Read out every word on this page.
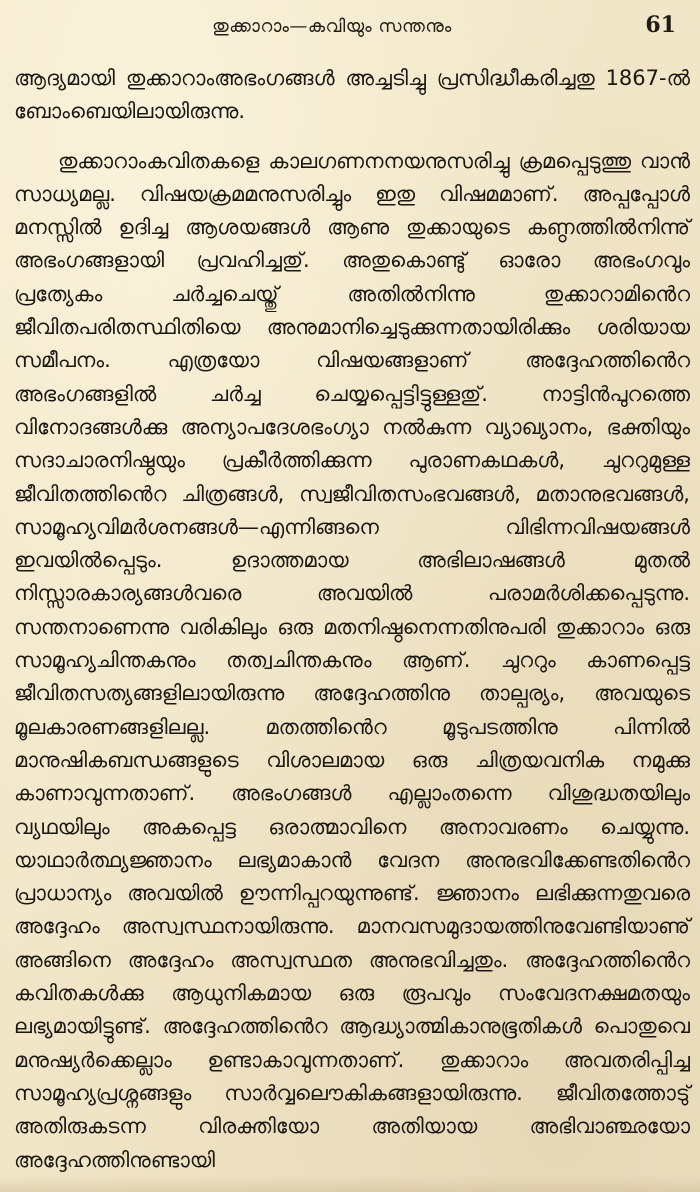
തുക്കാറാം—കവിയും സന്തനും	61

ആദ്യമായി തുക്കാറാംഅഭംഗങ്ങൾ അച്ചടിച്ചു പ്രസിദ്ധീകരിച്ചതു 1867-ൽ ബോംബെയിലായിരുന്നു.

തുക്കാറാംകവിതകളെ കാലഗണനനയനുസരിച്ചു ക്രമപ്പെടുത്തു വാൻ സാധ്യമല്ല. വിഷയക്രമമനുസരിച്ചും ഇതു വിഷമമാണ്. അപ്പപ്പോൾ മനസ്സിൽ ഉദിച്ച ആശയങ്ങൾ ആണു തുക്കായുടെ കണ്ഠത്തിൽനിന്നു് അഭംഗങ്ങളായി പ്രവഹിച്ചതു്. അതുകൊണ്ടു് ഓരോ അഭംഗവും പ്രത്യേകം ചർച്ചചെയ്തു് അതിൽനിന്നു തുക്കാറാമിൻെറ ജീവിതപരിതസ്ഥിതിയെ അനുമാനിച്ചെടുക്കുന്നതായിരിക്കും ശരിയായ സമീപനം. എത്രയോ വിഷയങ്ങളാണ് അദ്ദേഹത്തിൻെറ അഭംഗങ്ങളിൽ ചർച്ച ചെയ്യപ്പെട്ടിട്ടുള്ളതു്. നാട്ടിൻപുറത്തെ വിനോദങ്ങൾക്കു അന്യാപദേശഭംഗ്യാ നൽകുന്ന വ്യാഖ്യാനം, ഭക്തിയും സദാചാരനിഷ്ഠയും പ്രകീർത്തിക്കുന്ന പുരാണകഥകൾ, ചുററുമുള്ള ജീവിതത്തിൻെറ ചിത്രങ്ങൾ, സ്വജീവിതസംഭവങ്ങൾ, മതാനുഭവങ്ങൾ, സാമൂഹ്യവിമർശനങ്ങൾ—എന്നിങ്ങനെ വിഭിന്നവിഷയങ്ങൾ ഇവയിൽപ്പെടും. ഉദാത്തമായ അഭിലാഷങ്ങൾ മുതൽ നിസ്സാരകാര്യങ്ങൾവരെ അവയിൽ പരാമർശിക്കപ്പെടുന്നു. സന്തനാണെന്നു വരികിലും ഒരു മതനിഷ്ഠനെന്നതിനുപരി തുക്കാറാം ഒരു സാമൂഹ്യചിന്തകനും തത്വചിന്തകനും ആണ്. ചുററും കാണപ്പെട്ട ജീവിതസത്യങ്ങളിലായിരുന്നു അദ്ദേഹത്തിനു താല്പര്യം, അവയുടെ മൂലകാരണങ്ങളിലല്ല. മതത്തിൻെറ മൂടുപടത്തിനു പിന്നിൽ മാനുഷികബന്ധങ്ങളുടെ വിശാലമായ ഒരു ചിത്രയവനിക നമുക്കു കാണാവുന്നതാണ്. അഭംഗങ്ങൾ എല്ലാംതന്നെ വിശുദ്ധതയിലും വ്യഥയിലും അകപ്പെട്ട ഒരാത്മാവിനെ അനാവരണം ചെയ്യുന്നു. യാഥാർത്ഥ്യജ്ഞാനം ലഭ്യമാകാൻ വേദന അനുഭവിക്കേണ്ടതിൻെറ പ്രാധാന്യം അവയിൽ ഊന്നിപ്പറയുന്നുണ്ട്. ജ്ഞാനം ലഭിക്കുന്നതുവരെ അദ്ദേഹം അസ്വസ്ഥനായിരുന്നു. മാനവസമുദായത്തിനുവേണ്ടിയാണു് അങ്ങിനെ അദ്ദേഹം അസ്വസ്ഥത അനുഭവിച്ചതും. അദ്ദേഹത്തിൻെറ കവിതകൾക്കു ആധുനികമായ ഒരു രൂപവും സംവേദനക്ഷമതയും ലഭ്യമായിട്ടുണ്ട്. അദ്ദേഹത്തിൻെറ ആദ്ധ്യാത്മികാനുഭൂതികൾ പൊതുവെ മനുഷ്യർക്കെല്ലാം ഉണ്ടാകാവുന്നതാണ്. തുക്കാറാം അവതരിപ്പിച്ച സാമൂഹ്യപ്രശ്നങ്ങളും സാർവ്വലൌകികങ്ങളായിരുന്നു. ജീവിതത്തോടു് അതിരുകടന്ന വിരക്തിയോ അതിയായ അഭിവാഞ്ഛയോ അദ്ദേഹത്തിനുണ്ടായി
